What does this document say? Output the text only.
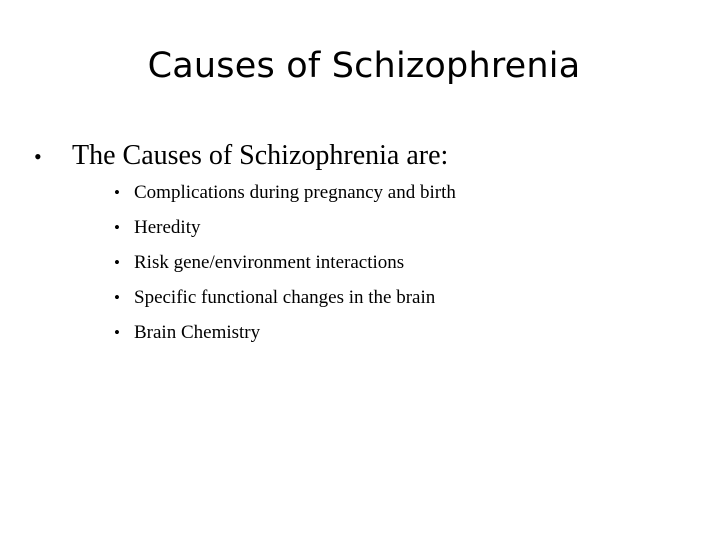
Causes of Schizophrenia
•	The Causes of Schizophrenia are:
• Complications during pregnancy and birth
• Heredity
• Risk gene/environment interactions
• Specific functional changes in the brain
• Brain Chemistry
